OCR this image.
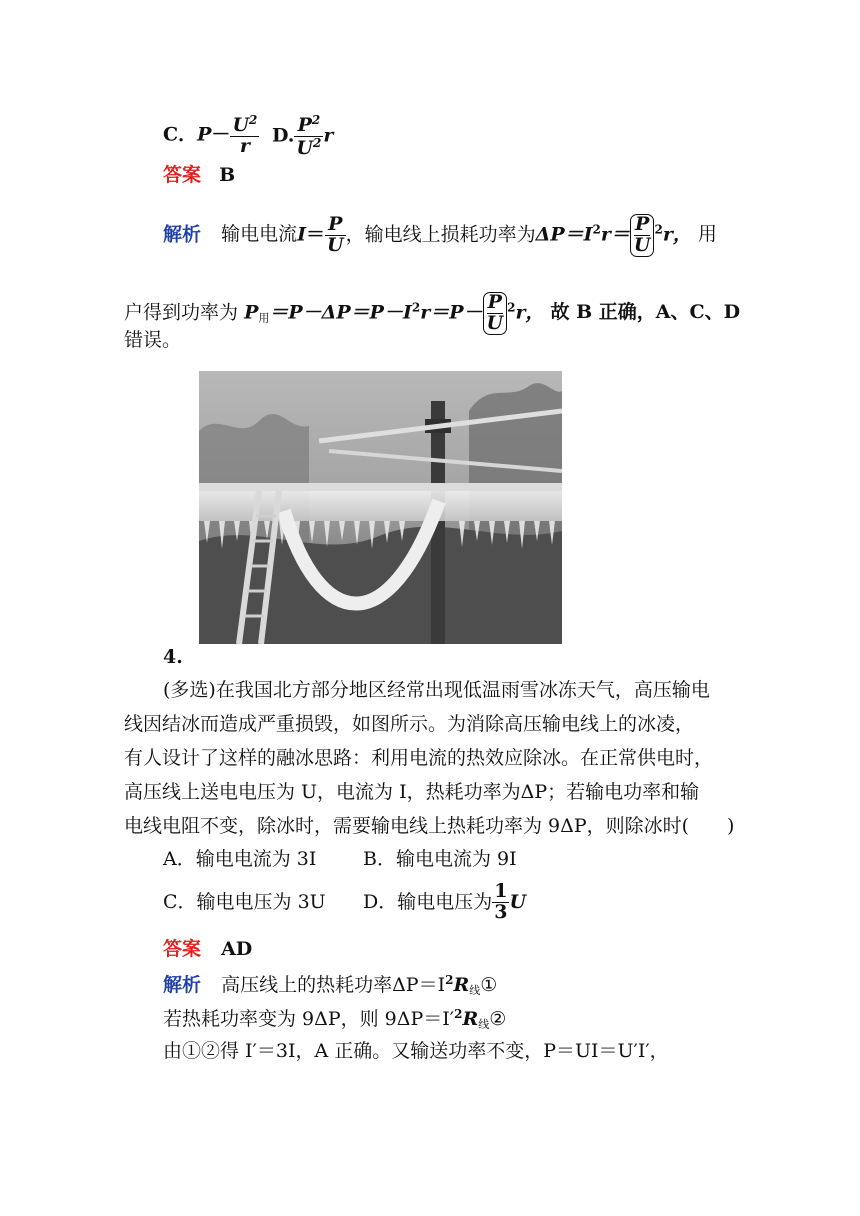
C．$P- \frac{U^2}{r} D$. $\frac{P^2}{U^2}$ r
答案 B
解析 输电电流$I= \frac{P}{U}$ ，输电线上损耗功率为$\Delta P=I^2r= \frac{P}{U} ^2r$， 用
户得到功率为 $P_用=P-\Delta P=P-I^2r=P- \frac{P}{U} ^2r$， 故 B 正确，A、C、D
错误。
4.
(多选)在我国北方部分地区经常出现低温雨雪冰冻天气，高压输电
线因结冰而造成严重损毁，如图所示。为消除高压输电线上的冰凌，
有人设计了这样的融冰思路：利用电流的热效应除冰。在正常供电时，
高压线上送电电压为 U，电流为 I，热耗功率为ΔP；若输电功率和输
电线电阻不变，除冰时，需要输电线上热耗功率为 9ΔP，则除冰时(　　)
A．输电电流为 3I B．输电电流为 9I
C．输电电压为 3U D．输电电压为 $\frac{1}{3}$ U
答案 AD
解析 高压线上的热耗功率$\Delta P=I^2R_线①$
若热耗功率变为 9ΔP，则 $9\Delta P=I'^2R_线②$
由①②得 I′＝3I，A 正确。又输送功率不变，P＝UI＝U′I′，
